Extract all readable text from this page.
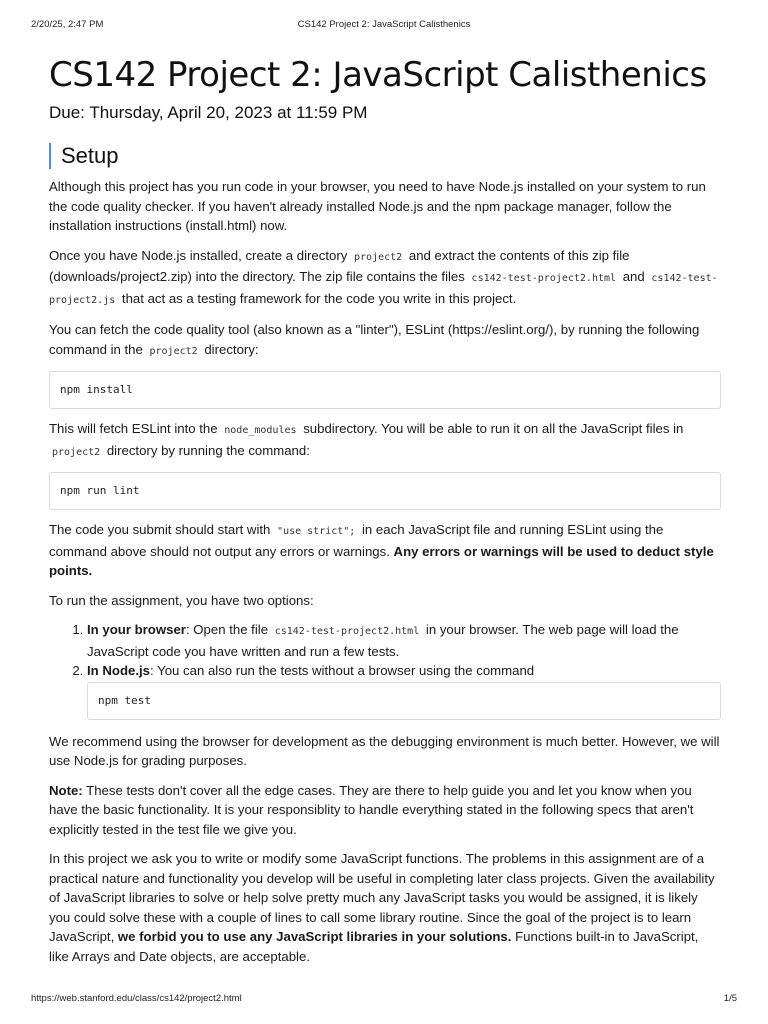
2/20/25, 2:47 PM	CS142 Project 2: JavaScript Calisthenics
CS142 Project 2: JavaScript Calisthenics
Due: Thursday, April 20, 2023 at 11:59 PM
Setup

Although this project has you run code in your browser, you need to have Node.js installed on your system to run the code quality checker. If you haven't already installed Node.js and the npm package manager, follow the installation instructions (install.html) now.

Once you have Node.js installed, create a directory project2 and extract the contents of this zip file (downloads/project2.zip) into the directory. The zip file contains the files cs142-test-project2.html and cs142-test-project2.js that act as a testing framework for the code you write in this project.

You can fetch the code quality tool (also known as a "linter"), ESLint (https://eslint.org/), by running the following command in the project2 directory:

npm install

This will fetch ESLint into the node_modules subdirectory. You will be able to run it on all the JavaScript files in project2 directory by running the command:

npm run lint

The code you submit should start with "use strict"; in each JavaScript file and running ESLint using the command above should not output any errors or warnings. Any errors or warnings will be used to deduct style points.

To run the assignment, you have two options:

1. In your browser: Open the file cs142-test-project2.html in your browser. The web page will load the JavaScript code you have written and run a few tests.
2. In Node.js: You can also run the tests without a browser using the command
npm test

We recommend using the browser for development as the debugging environment is much better. However, we will use Node.js for grading purposes.

Note: These tests don't cover all the edge cases. They are there to help guide you and let you know when you have the basic functionality. It is your responsiblity to handle everything stated in the following specs that aren't explicitly tested in the test file we give you.

In this project we ask you to write or modify some JavaScript functions. The problems in this assignment are of a practical nature and functionality you develop will be useful in completing later class projects. Given the availability of JavaScript libraries to solve or help solve pretty much any JavaScript tasks you would be assigned, it is likely you could solve these with a couple of lines to call some library routine. Since the goal of the project is to learn JavaScript, we forbid you to use any JavaScript libraries in your solutions. Functions built-in to JavaScript, like Arrays and Date objects, are acceptable.

https://web.stanford.edu/class/cs142/project2.html	1/5
